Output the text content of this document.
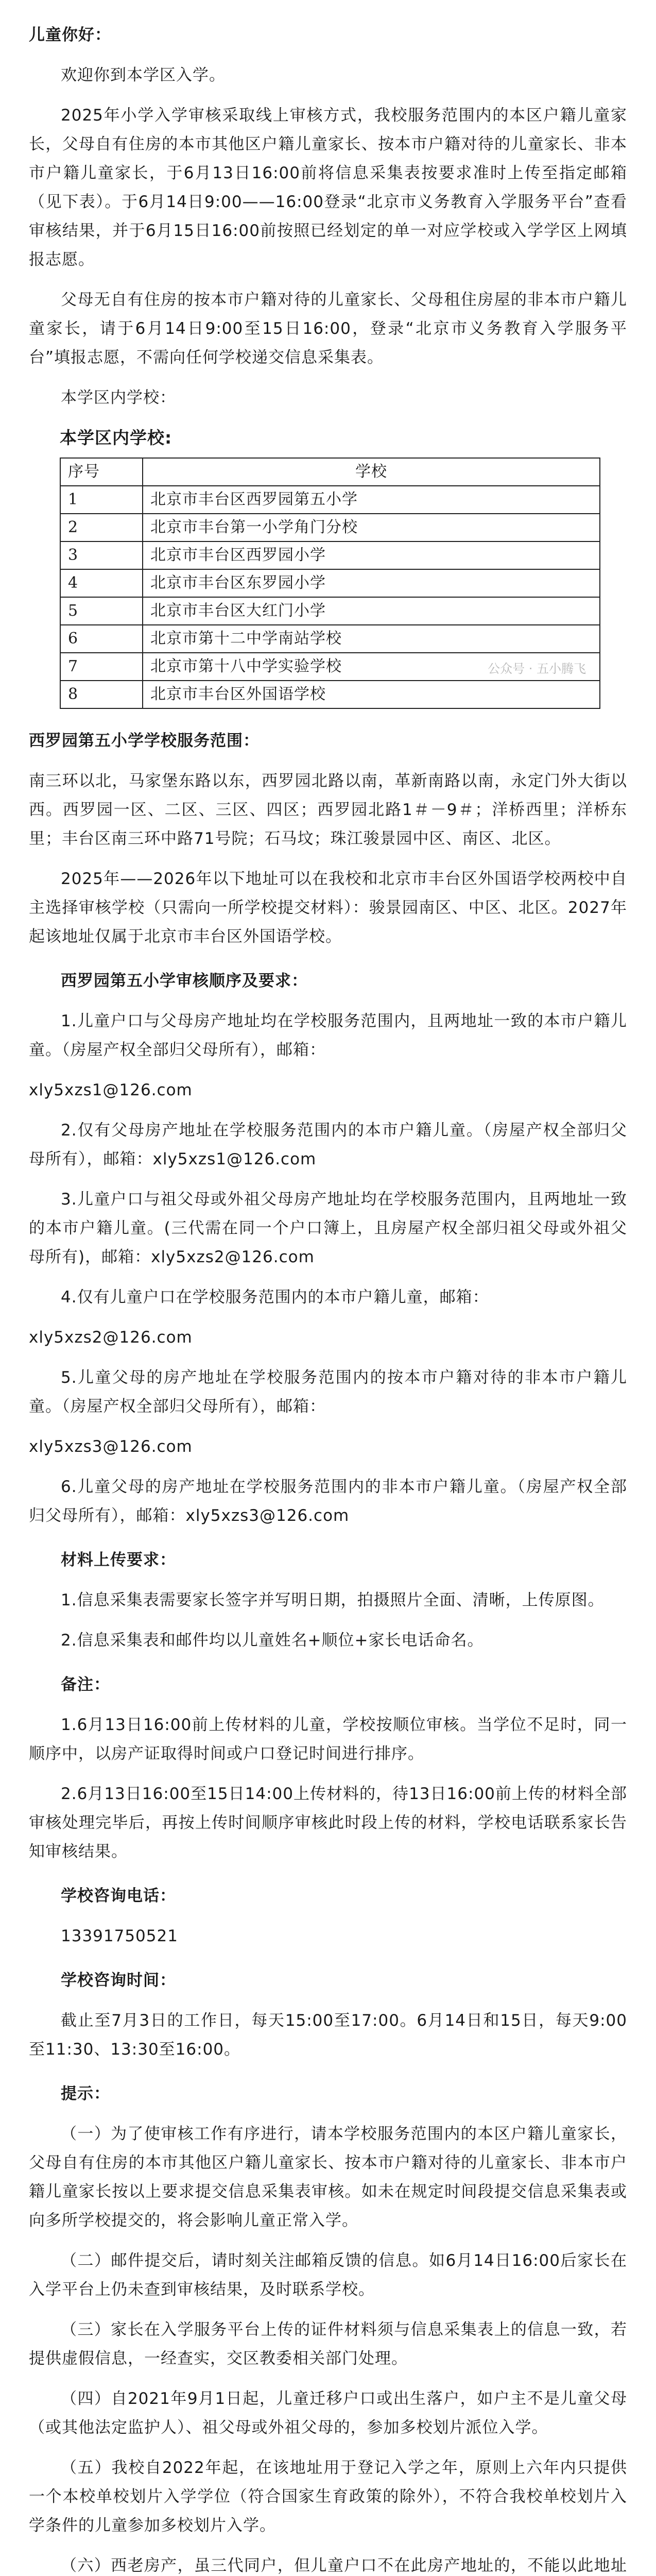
儿童你好：

欢迎你到本学区入学。

2025年小学入学审核采取线上审核方式，我校服务范围内的本区户籍儿童家长，父母自有住房的本市其他区户籍儿童家长、按本市户籍对待的儿童家长、非本市户籍儿童家长，于6月13日16:00前将信息采集表按要求准时上传至指定邮箱（见下表）。于6月14日9:00——16:00登录“北京市义务教育入学服务平台”查看审核结果，并于6月15日16:00前按照已经划定的单一对应学校或入学学区上网填报志愿。

父母无自有住房的按本市户籍对待的儿童家长、父母租住房屋的非本市户籍儿童家长，请于6月14日9:00至15日16:00，登录“北京市义务教育入学服务平台”填报志愿，不需向任何学校递交信息采集表。

本学区内学校：

本学区内学校:
序号	学校
1	北京市丰台区西罗园第五小学
2	北京市丰台第一小学角门分校
3	北京市丰台区西罗园小学
4	北京市丰台区东罗园小学
5	北京市丰台区大红门小学
6	北京市第十二中学南站学校
7	北京市第十八中学实验学校
8	北京市丰台区外国语学校
公众号 · 五小腾飞

西罗园第五小学学校服务范围：

南三环以北，马家堡东路以东，西罗园北路以南，革新南路以南，永定门外大街以西。西罗园一区、二区、三区、四区；西罗园北路1＃－9＃；洋桥西里；洋桥东里；丰台区南三环中路71号院；石马坟；珠江骏景园中区、南区、北区。

2025年——2026年以下地址可以在我校和北京市丰台区外国语学校两校中自主选择审核学校（只需向一所学校提交材料）：骏景园南区、中区、北区。2027年起该地址仅属于北京市丰台区外国语学校。

西罗园第五小学审核顺序及要求：

1.儿童户口与父母房产地址均在学校服务范围内，且两地址一致的本市户籍儿童。（房屋产权全部归父母所有），邮箱：

xly5xzs1@126.com

2.仅有父母房产地址在学校服务范围内的本市户籍儿童。（房屋产权全部归父母所有），邮箱：xly5xzs1@126.com

3.儿童户口与祖父母或外祖父母房产地址均在学校服务范围内，且两地址一致的本市户籍儿童。(三代需在同一个户口簿上，且房屋产权全部归祖父母或外祖父母所有)，邮箱：xly5xzs2@126.com

4.仅有儿童户口在学校服务范围内的本市户籍儿童，邮箱：

xly5xzs2@126.com

5.儿童父母的房产地址在学校服务范围内的按本市户籍对待的非本市户籍儿童。（房屋产权全部归父母所有），邮箱：

xly5xzs3@126.com

6.儿童父母的房产地址在学校服务范围内的非本市户籍儿童。（房屋产权全部归父母所有），邮箱：xly5xzs3@126.com

材料上传要求：

1.信息采集表需要家长签字并写明日期，拍摄照片全面、清晰，上传原图。

2.信息采集表和邮件均以儿童姓名+顺位+家长电话命名。

备注：

1.6月13日16:00前上传材料的儿童，学校按顺位审核。当学位不足时，同一顺序中，以房产证取得时间或户口登记时间进行排序。

2.6月13日16:00至15日14:00上传材料的，待13日16:00前上传的材料全部审核处理完毕后，再按上传时间顺序审核此时段上传的材料，学校电话联系家长告知审核结果。

学校咨询电话：

13391750521

学校咨询时间：

截止至7月3日的工作日，每天15:00至17:00。6月14日和15日，每天9:00至11:30、13:30至16:00。

提示：

（一）为了使审核工作有序进行，请本学校服务范围内的本区户籍儿童家长，父母自有住房的本市其他区户籍儿童家长、按本市户籍对待的儿童家长、非本市户籍儿童家长按以上要求提交信息采集表审核。如未在规定时间段提交信息采集表或向多所学校提交的，将会影响儿童正常入学。

（二）邮件提交后，请时刻关注邮箱反馈的信息。如6月14日16:00后家长在入学平台上仍未查到审核结果，及时联系学校。

（三）家长在入学服务平台上传的证件材料须与信息采集表上的信息一致，若提供虚假信息，一经查实，交区教委相关部门处理。

（四）自2021年9月1日起，儿童迁移户口或出生落户，如户主不是儿童父母（或其他法定监护人）、祖父母或外祖父母的，参加多校划片派位入学。

（五）我校自2022年起，在该地址用于登记入学之年，原则上六年内只提供一个本校单校划片入学学位（符合国家生育政策的除外），不符合我校单校划片入学条件的儿童参加多校划片入学。

（六）西老房产，虽三代同户，但儿童户口不在此房产地址的，不能以此地址
